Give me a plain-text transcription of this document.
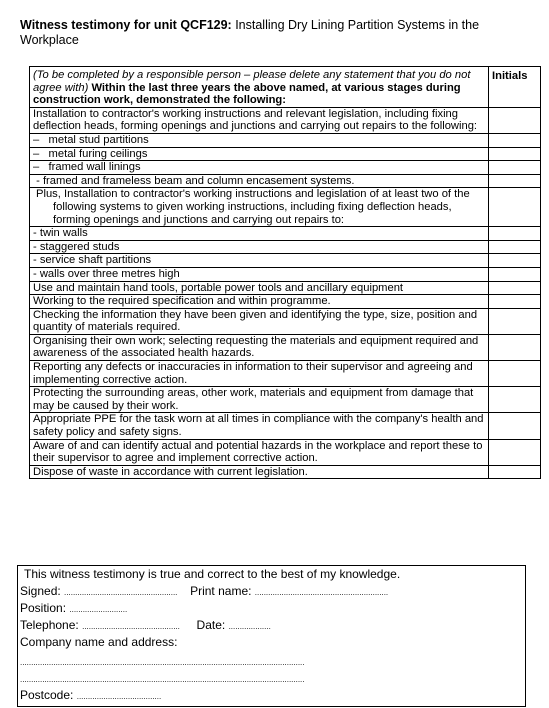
Witness testimony for unit QCF129: Installing Dry Lining Partition Systems in the Workplace
(To be completed by a responsible person – please delete any statement that you do not agree with) Within the last three years the above named, at various stages during construction work, demonstrated the following:	Initials
Installation to contractor's working instructions and relevant legislation, including fixing deflection heads, forming openings and junctions and carrying out repairs to the following:	
–   metal stud partitions	
–   metal furing ceilings	
–   framed wall linings	
- framed and frameless beam and column encasement systems.	

Plus, Installation to contractor's working instructions and legislation of at least two of the following systems to given working instructions, including fixing deflection heads, forming openings and junctions and carrying out repairs to:	

- twin walls	
- staggered studs	
- service shaft partitions	
- walls over three metres high	
Use and maintain hand tools, portable power tools and ancillary equipment	
Working to the required specification and within programme.	
Checking the information they have been given and identifying the type, size, position and quantity of materials required.	
Organising their own work; selecting requesting the materials and equipment required and awareness of the associated health hazards.	
Reporting any defects or inaccuracies in information to their supervisor and agreeing and implementing corrective action.	
Protecting the surrounding areas, other work, materials and equipment from damage that may be caused by their work.	
Appropriate PPE for the task worn at all times in compliance with the company's health and safety policy and safety signs.	
Aware of and can identify actual and potential hazards in the workplace and report these to their supervisor to agree and implement corrective action.	
Dispose of waste in accordance with current legislation.	
This witness testimony is true and correct to the best of my knowledge.
Signed: ................................................... Print name: ............................................................
Position: ..........................
Telephone: ............................................ Date: ...................
Company name and address:
................................................................................................................................
................................................................................................................................
Postcode: ......................................
